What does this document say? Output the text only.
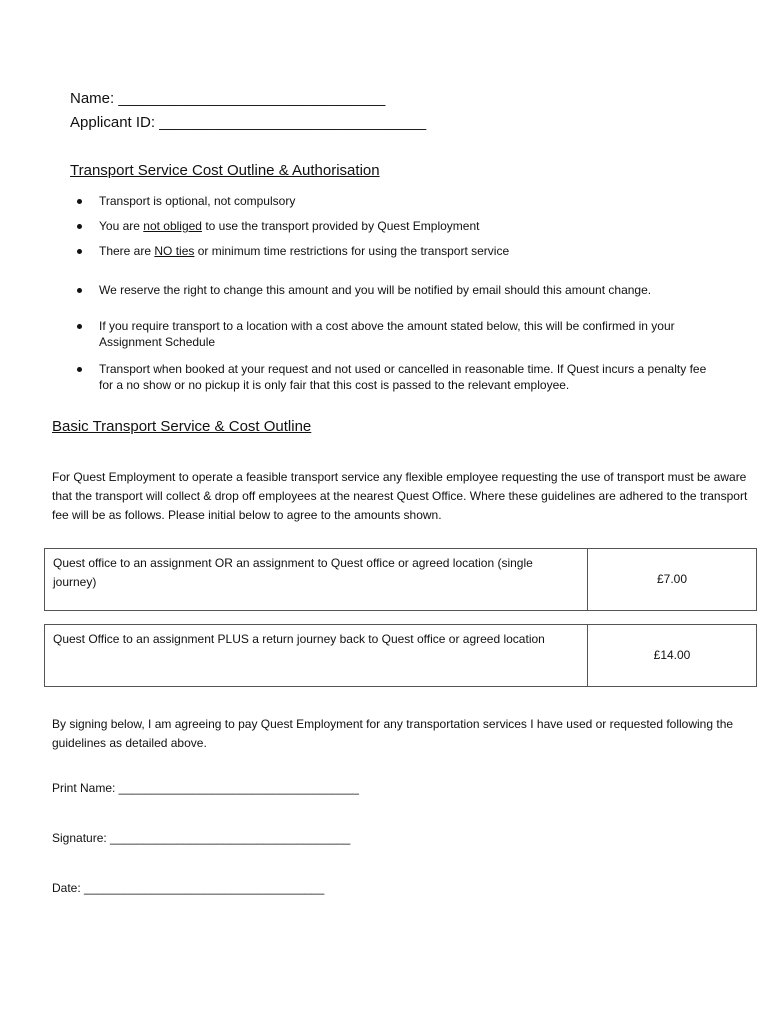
Name: ________________________________
Applicant ID: ________________________________
Transport Service Cost Outline & Authorisation
Transport is optional, not compulsory
You are not obliged to use the transport provided by Quest Employment
There are NO ties or minimum time restrictions for using the transport service
We reserve the right to change this amount and you will be notified by email should this amount change.
If you require transport to a location with a cost above the amount stated below, this will be confirmed in your Assignment Schedule
Transport when booked at your request and not used or cancelled in reasonable time. If Quest incurs a penalty fee for a no show or no pickup it is only fair that this cost is passed to the relevant employee.
Basic Transport Service & Cost Outline
For Quest Employment to operate a feasible transport service any flexible employee requesting the use of transport must be aware that the transport will collect & drop off employees at the nearest Quest Office. Where these guidelines are adhered to the transport fee will be as follows. Please initial below to agree to the amounts shown.
Quest office to an assignment OR an assignment to Quest office or agreed location (single journey)	£7.00
Quest Office to an assignment PLUS a return journey back to Quest office or agreed location	£14.00
By signing below, I am agreeing to pay Quest Employment for any transportation services I have used or requested following the guidelines as detailed above.
Print Name: ____________________________________
Signature: ____________________________________
Date: ____________________________________
